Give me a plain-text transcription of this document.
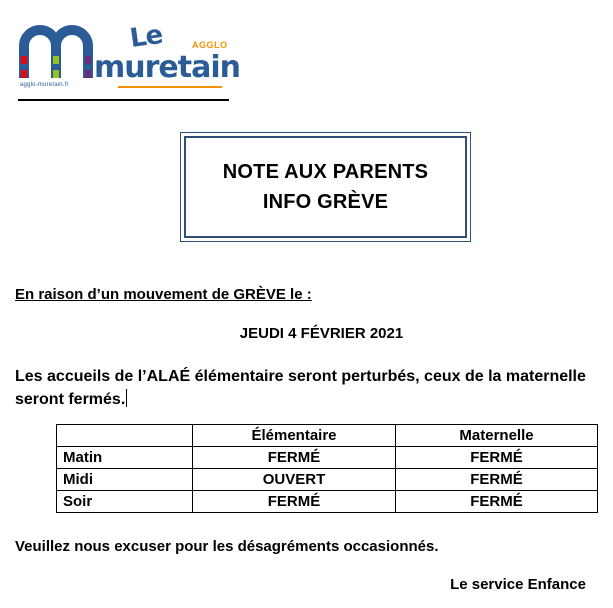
Le	AGGLO
muretain
agglo-muretain.fr
NOTE AUX PARENTS
INFO GRÈVE
En raison d’un mouvement de GRÈVE le :
JEUDI 4 FÉVRIER 2021
Les accueils de l’ALAÉ élémentaire seront perturbés, ceux de la maternelle seront fermés.
	Élémentaire	Maternelle
Matin	FERMÉ	FERMÉ
Midi	OUVERT	FERMÉ
Soir	FERMÉ	FERMÉ
Veuillez nous excuser pour les désagréments occasionnés.
Le service Enfance
